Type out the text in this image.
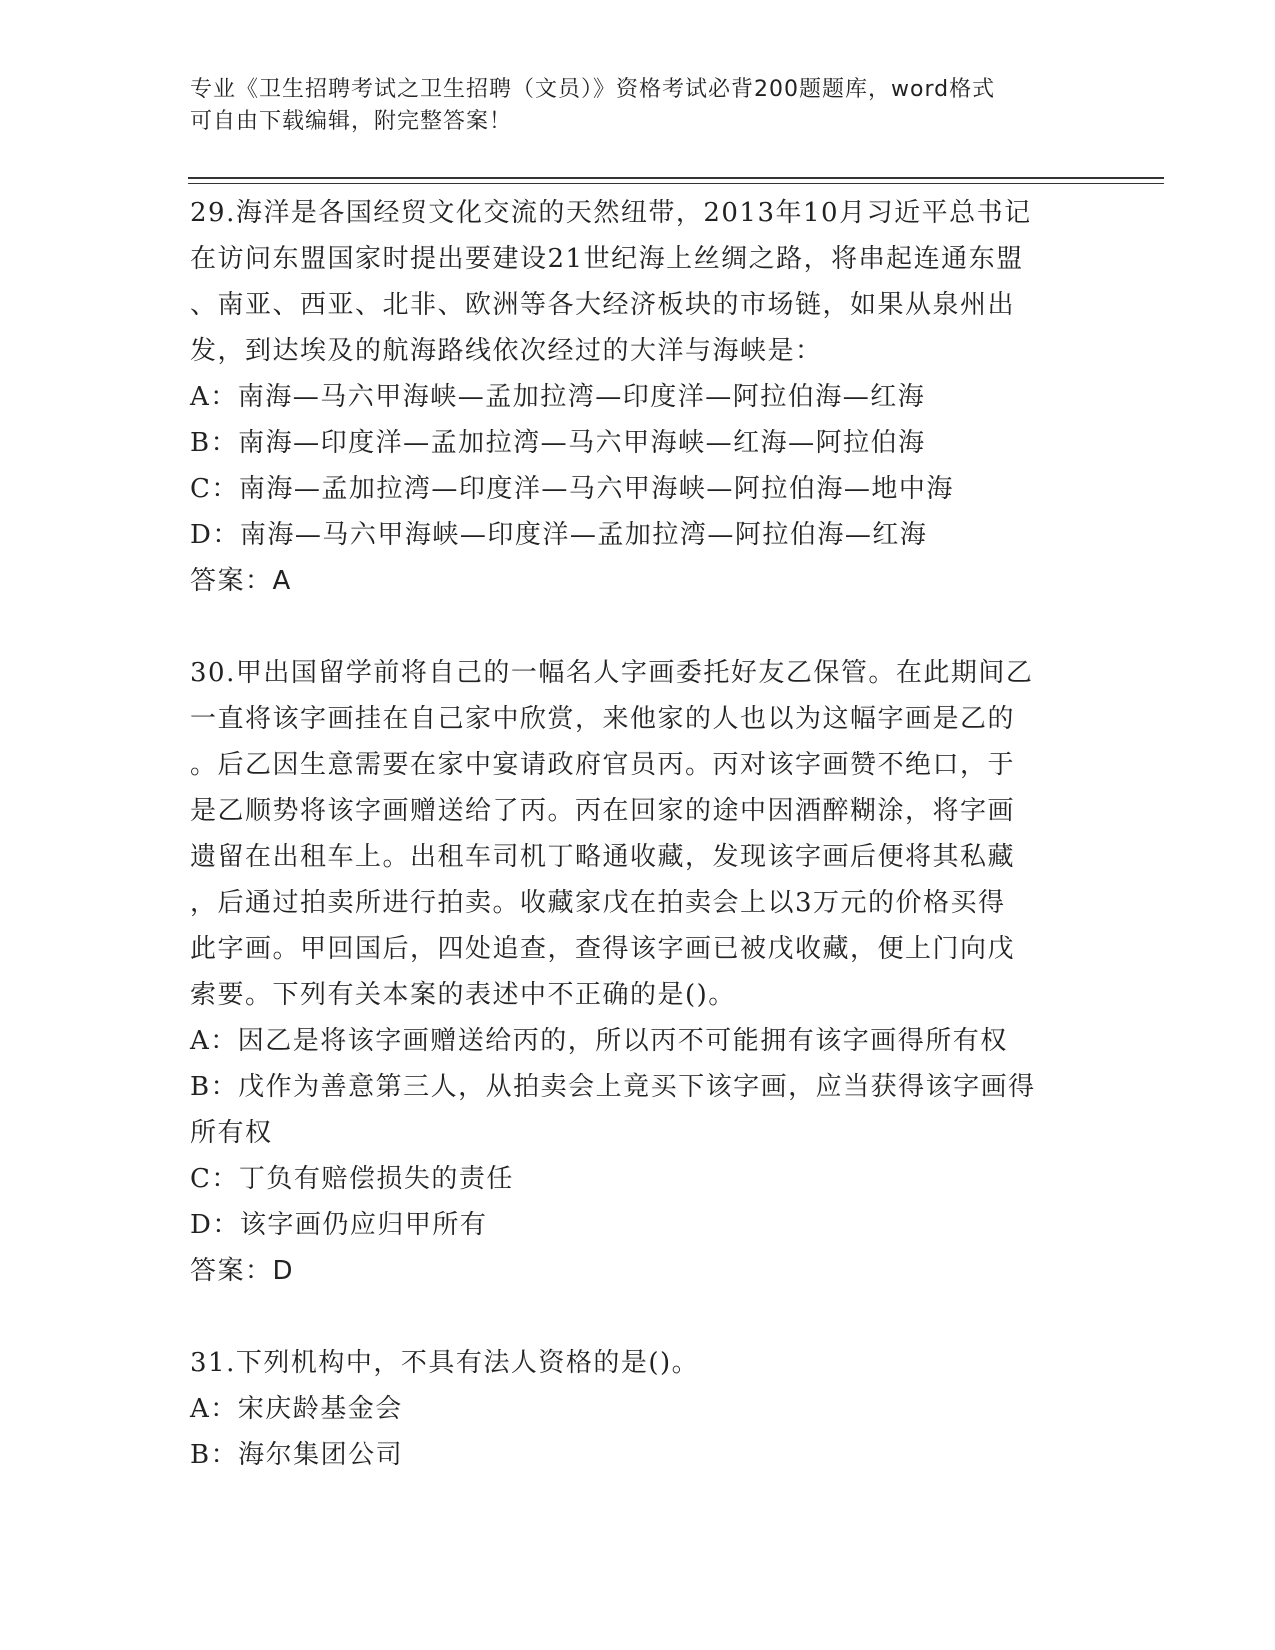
专业《卫生招聘考试之卫生招聘（文员）》资格考试必背200题题库，word格式
可自由下载编辑，附完整答案！

29.海洋是各国经贸文化交流的天然纽带，2013年10月习近平总书记

在访问东盟国家时提出要建设21世纪海上丝绸之路，将串起连通东盟

、南亚、西亚、北非、欧洲等各大经济板块的市场链，如果从泉州出

发，到达埃及的航海路线依次经过的大洋与海峡是：

A：南海—马六甲海峡—孟加拉湾—印度洋—阿拉伯海—红海

B：南海—印度洋—孟加拉湾—马六甲海峡—红海—阿拉伯海

C：南海—孟加拉湾—印度洋—马六甲海峡—阿拉伯海—地中海

D：南海—马六甲海峡—印度洋—孟加拉湾—阿拉伯海—红海

答案：A

30.甲出国留学前将自己的一幅名人字画委托好友乙保管。在此期间乙

一直将该字画挂在自己家中欣赏，来他家的人也以为这幅字画是乙的

。后乙因生意需要在家中宴请政府官员丙。丙对该字画赞不绝口，于

是乙顺势将该字画赠送给了丙。丙在回家的途中因酒醉糊涂，将字画

遗留在出租车上。出租车司机丁略通收藏，发现该字画后便将其私藏

，后通过拍卖所进行拍卖。收藏家戊在拍卖会上以3万元的价格买得

此字画。甲回国后，四处追查，查得该字画已被戊收藏，便上门向戊

索要。下列有关本案的表述中不正确的是()。

A：因乙是将该字画赠送给丙的，所以丙不可能拥有该字画得所有权

B：戊作为善意第三人，从拍卖会上竟买下该字画，应当获得该字画得

所有权

C：丁负有赔偿损失的责任

D：该字画仍应归甲所有

答案：D

31.下列机构中，不具有法人资格的是()。

A：宋庆龄基金会

B：海尔集团公司
